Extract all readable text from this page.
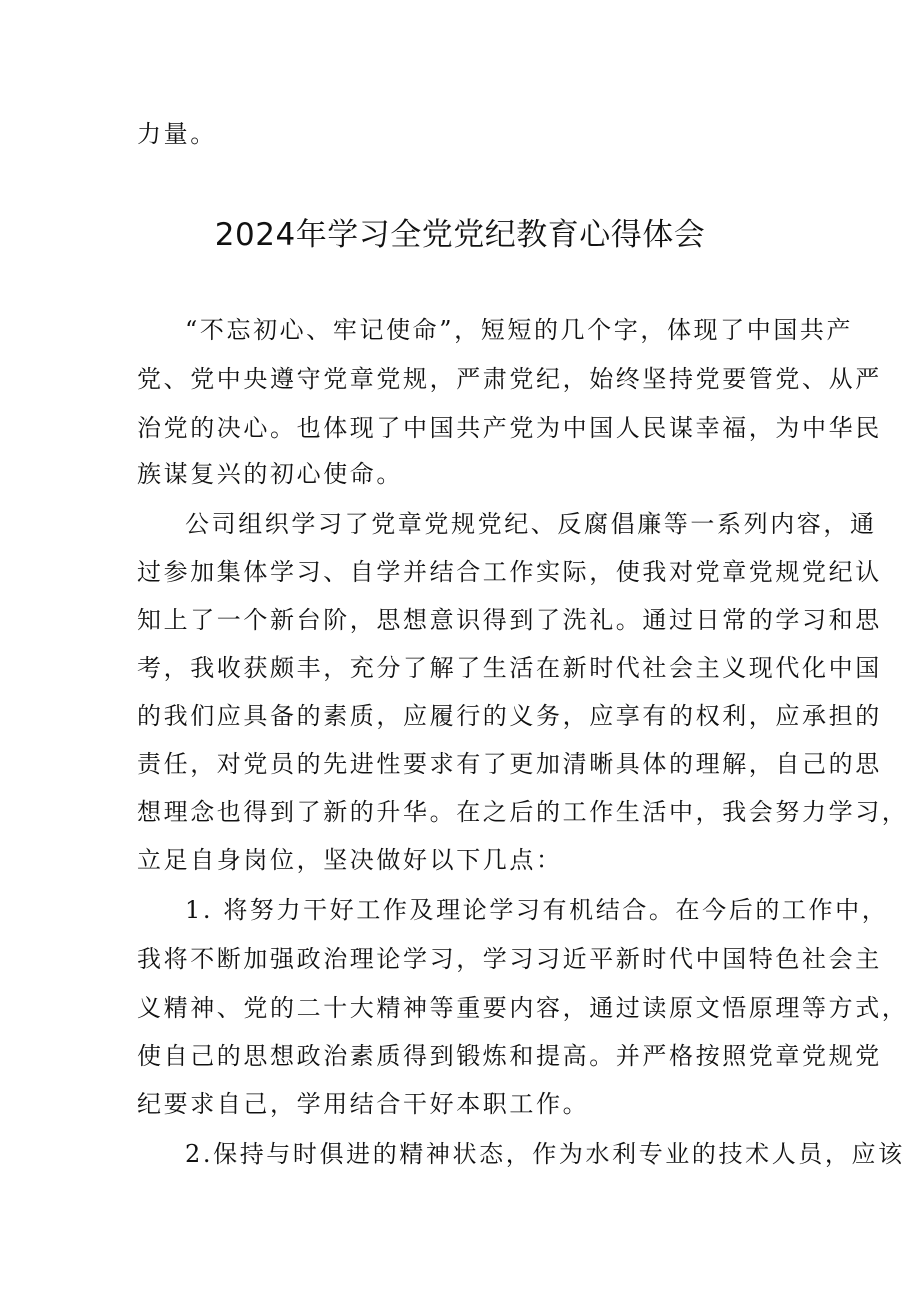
力量。
2024年学习全党党纪教育心得体会
“不忘初心、牢记使命”，短短的几个字，体现了中国共产
党、党中央遵守党章党规，严肃党纪，始终坚持党要管党、从严
治党的决心。也体现了中国共产党为中国人民谋幸福，为中华民
族谋复兴的初心使命。
公司组织学习了党章党规党纪、反腐倡廉等一系列内容，通
过参加集体学习、自学并结合工作实际，使我对党章党规党纪认
知上了一个新台阶，思想意识得到了洗礼。通过日常的学习和思
考，我收获颇丰，充分了解了生活在新时代社会主义现代化中国
的我们应具备的素质，应履行的义务，应享有的权利，应承担的
责任，对党员的先进性要求有了更加清晰具体的理解，自己的思
想理念也得到了新的升华。在之后的工作生活中，我会努力学习，
立足自身岗位，坚决做好以下几点：
1. 将努力干好工作及理论学习有机结合。在今后的工作中，
我将不断加强政治理论学习，学习习近平新时代中国特色社会主
义精神、党的二十大精神等重要内容，通过读原文悟原理等方式，
使自己的思想政治素质得到锻炼和提高。并严格按照党章党规党
纪要求自己，学用结合干好本职工作。
2.保持与时俱进的精神状态，作为水利专业的技术人员，应该
